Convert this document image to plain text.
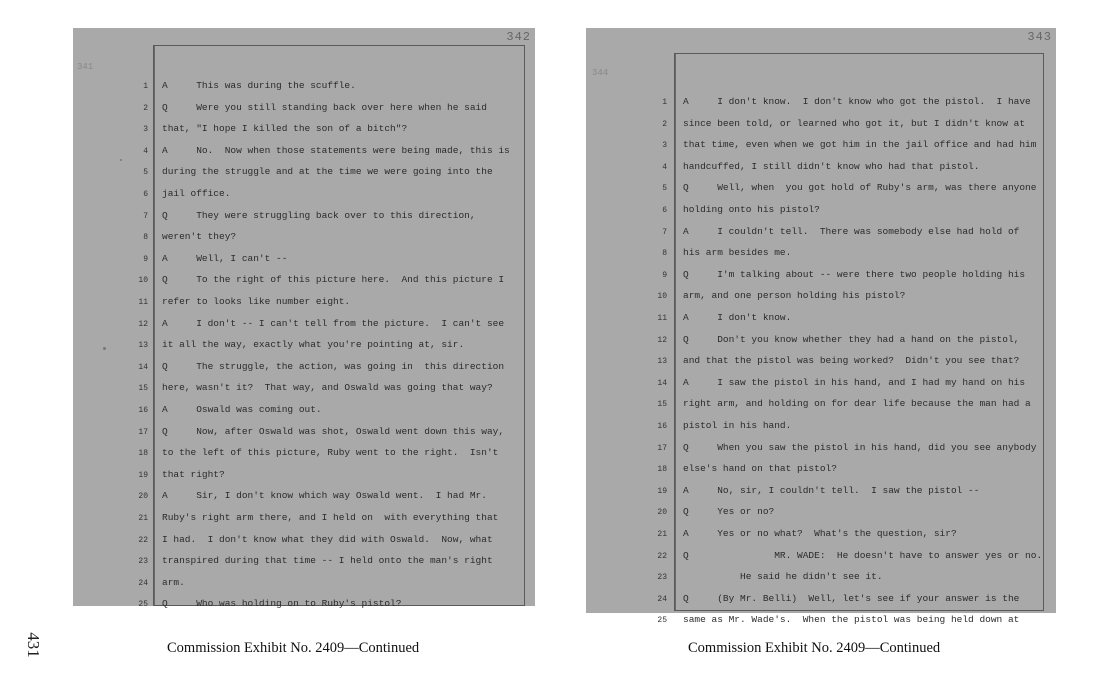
431
342
341
1 A     This was during the scuffle.
2 Q     Were you still standing back over here when he said
3 that, "I hope I killed the son of a bitch"?
4 A     No.  Now when those statements were being made, this is
5 during the struggle and at the time we were going into the
6 jail office.
7 Q     They were struggling back over to this direction,
8 weren't they?
9 A     Well, I can't --
10 Q     To the right of this picture here.  And this picture I
11 refer to looks like number eight.
12 A     I don't -- I can't tell from the picture.  I can't see
13 it all the way, exactly what you're pointing at, sir.
14 Q     The struggle, the action, was going in  this direction
15 here, wasn't it?  That way, and Oswald was going that way?
16 A     Oswald was coming out.
17 Q     Now, after Oswald was shot, Oswald went down this way,
18 to the left of this picture, Ruby went to the right.  Isn't
19 that right?
20 A     Sir, I don't know which way Oswald went.  I had Mr.
21 Ruby's right arm there, and I held on  with everything that
22 I had.  I don't know what they did with Oswald.  Now, what
23 transpired during that time -- I held onto the man's right
24 arm.
25 Q     Who was holding on to Ruby's pistol?
343
344
1 A     I don't know.  I don't know who got the pistol.  I have
2 since been told, or learned who got it, but I didn't know at
3 that time, even when we got him in the jail office and had him
4 handcuffed, I still didn't know who had that pistol.
5 Q     Well, when  you got hold of Ruby's arm, was there anyone
6 holding onto his pistol?
7 A     I couldn't tell.  There was somebody else had hold of
8 his arm besides me.
9 Q     I'm talking about -- were there two people holding his
10 arm, and one person holding his pistol?
11 A     I don't know.
12 Q     Don't you know whether they had a hand on the pistol,
13 and that the pistol was being worked?  Didn't you see that?
14 A     I saw the pistol in his hand, and I had my hand on his
15 right arm, and holding on for dear life because the man had a
16 pistol in his hand.
17 Q     When you saw the pistol in his hand, did you see anybody
18 else's hand on that pistol?
19 A     No, sir, I couldn't tell.  I saw the pistol --
20 Q     Yes or no?
21 A     Yes or no what?  What's the question, sir?
22 Q               MR. WADE:  He doesn't have to answer yes or no.
23 He said he didn't see it.
24 Q     (By Mr. Belli)  Well, let's see if your answer is the
25 same as Mr. Wade's.  When the pistol was being held down at
Commission Exhibit No. 2409—Continued	Commission Exhibit No. 2409—Continued
